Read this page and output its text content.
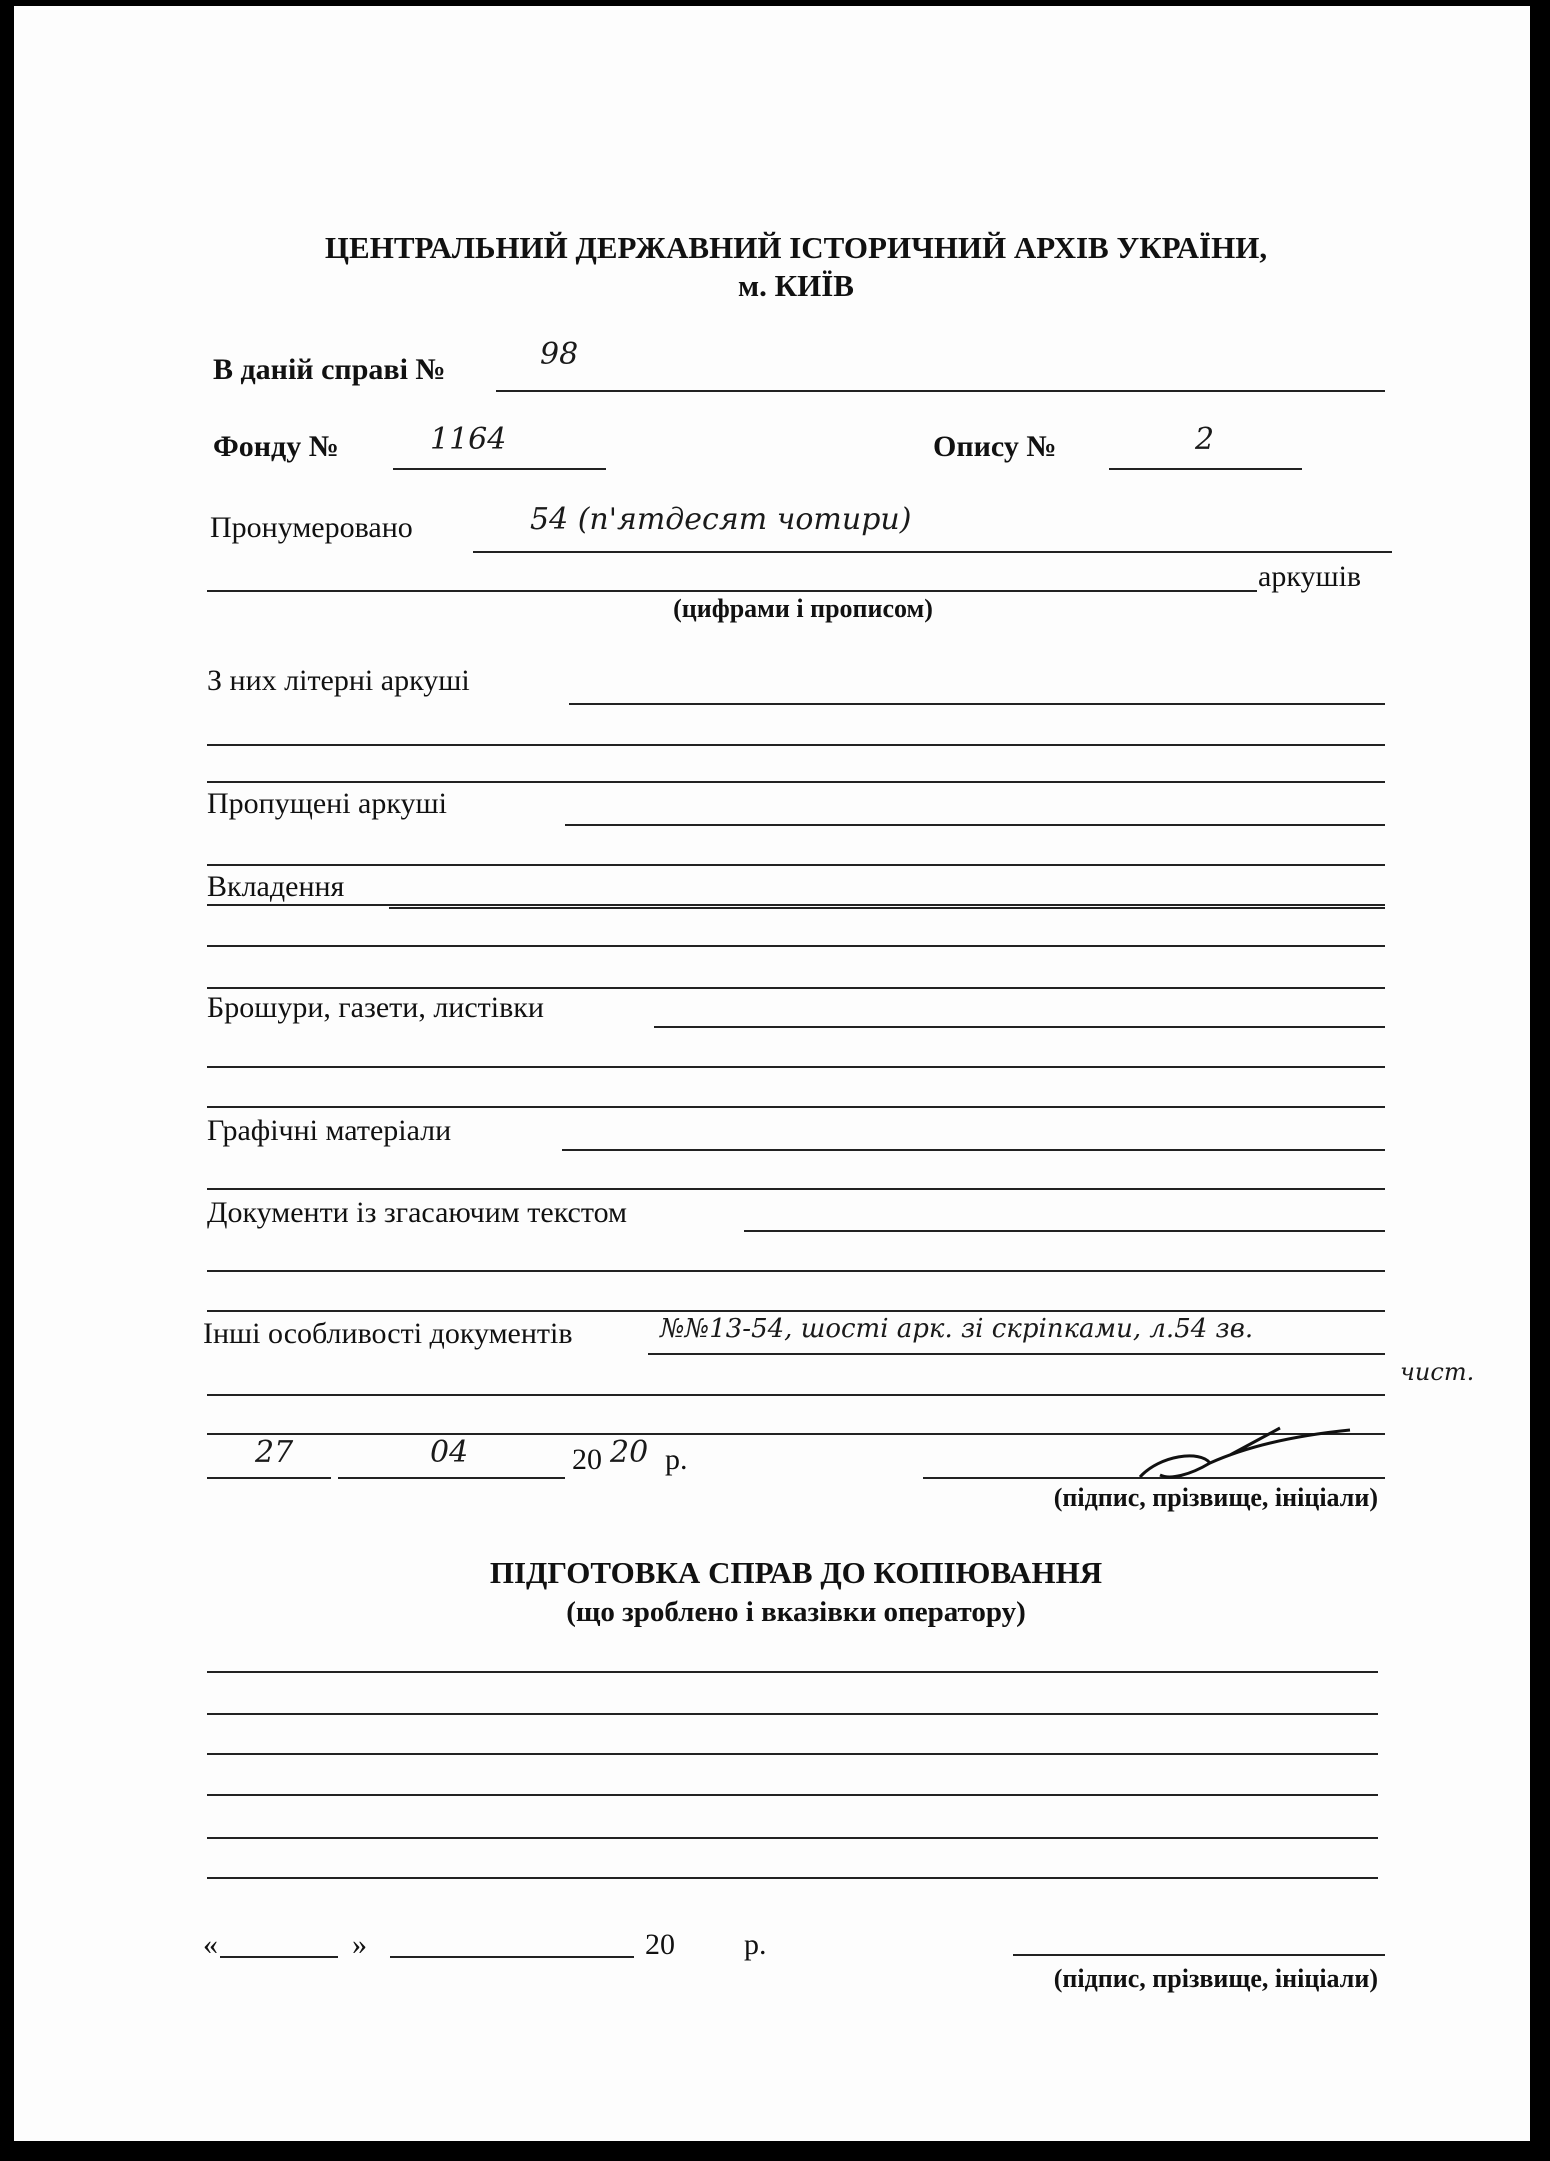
ЦЕНТРАЛЬНИЙ ДЕРЖАВНИЙ ІСТОРИЧНИЙ АРХІВ УКРАЇНИ,
м. КИЇВ
В даній справі №	98
Фонду №	1164	Опису №	2
Пронумеровано	54 (п'ятдесят чотири)
аркушів
(цифрами і прописом)
З них літерні аркуші
Пропущені аркуші
Вкладення
Брошури, газети, листівки
Графічні матеріали
Документи із згасаючим текстом
Інші особливості документів	№№13-54, шості арк. зі скріпками, л.54 зв.
чист.
27	04	20 20 р.
(підпис, прізвище, ініціали)
ПІДГОТОВКА СПРАВ ДО КОПІЮВАННЯ
(що зроблено і вказівки оператору)
«	»	20 р.
(підпис, прізвище, ініціали)
